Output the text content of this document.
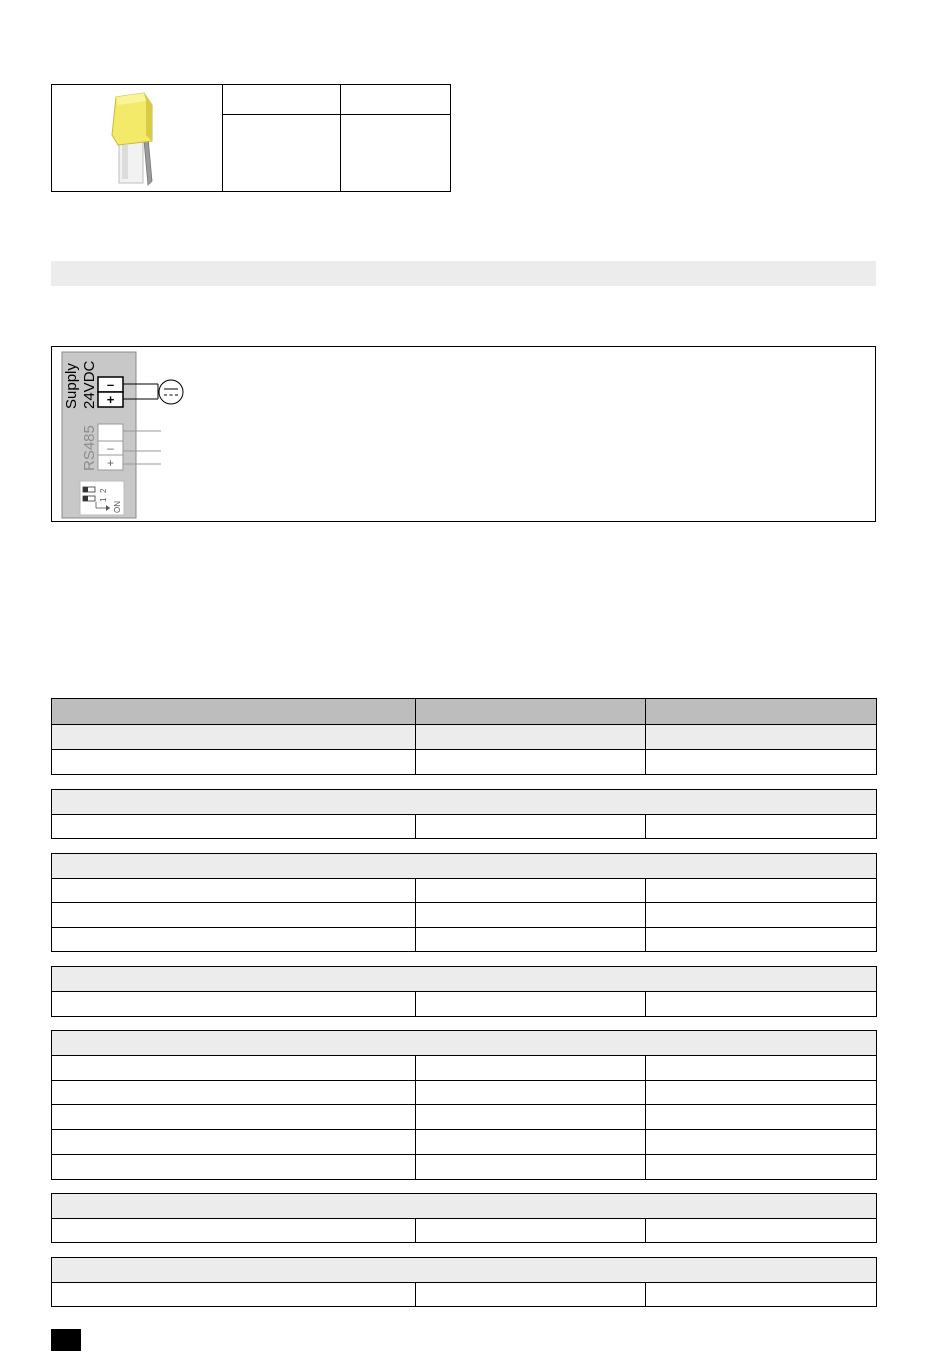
Supply 24VDC –
+
RS485 –
+
2
1
ON
